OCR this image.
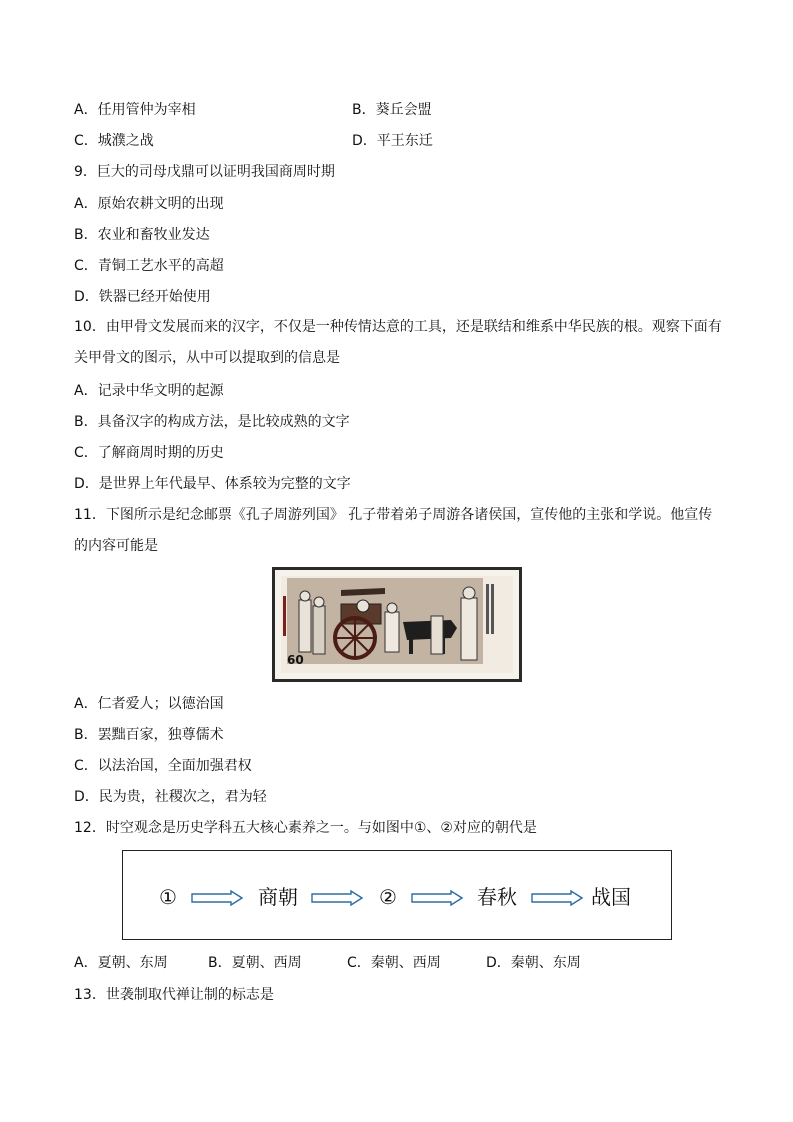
A．任用管仲为宰相	B．葵丘会盟
C．城濮之战	D．平王东迁
9．巨大的司母戊鼎可以证明我国商周时期
A．原始农耕文明的出现
B．农业和畜牧业发达
C．青铜工艺水平的高超
D．铁器已经开始使用
10．由甲骨文发展而来的汉字，不仅是一种传情达意的工具，还是联结和维系中华民族的根。观察下面有关甲骨文的图示，从中可以提取到的信息是
A．记录中华文明的起源
B．具备汉字的构成方法，是比较成熟的文字
C．了解商周时期的历史
D．是世界上年代最早、体系较为完整的文字
11．下图所示是纪念邮票《孔子周游列国》 孔子带着弟子周游各诸侯国，宣传他的主张和学说。他宣传的内容可能是
60
A．仁者爱人；以德治国
B．罢黜百家，独尊儒术
C．以法治国，全面加强君权
D．民为贵，社稷次之，君为轻
12．时空观念是历史学科五大核心素养之一。与如图中①、②对应的朝代是
①	商朝	②	春秋	战国
A．夏朝、东周	B．夏朝、西周	C．秦朝、西周	D．秦朝、东周
13．世袭制取代禅让制的标志是
